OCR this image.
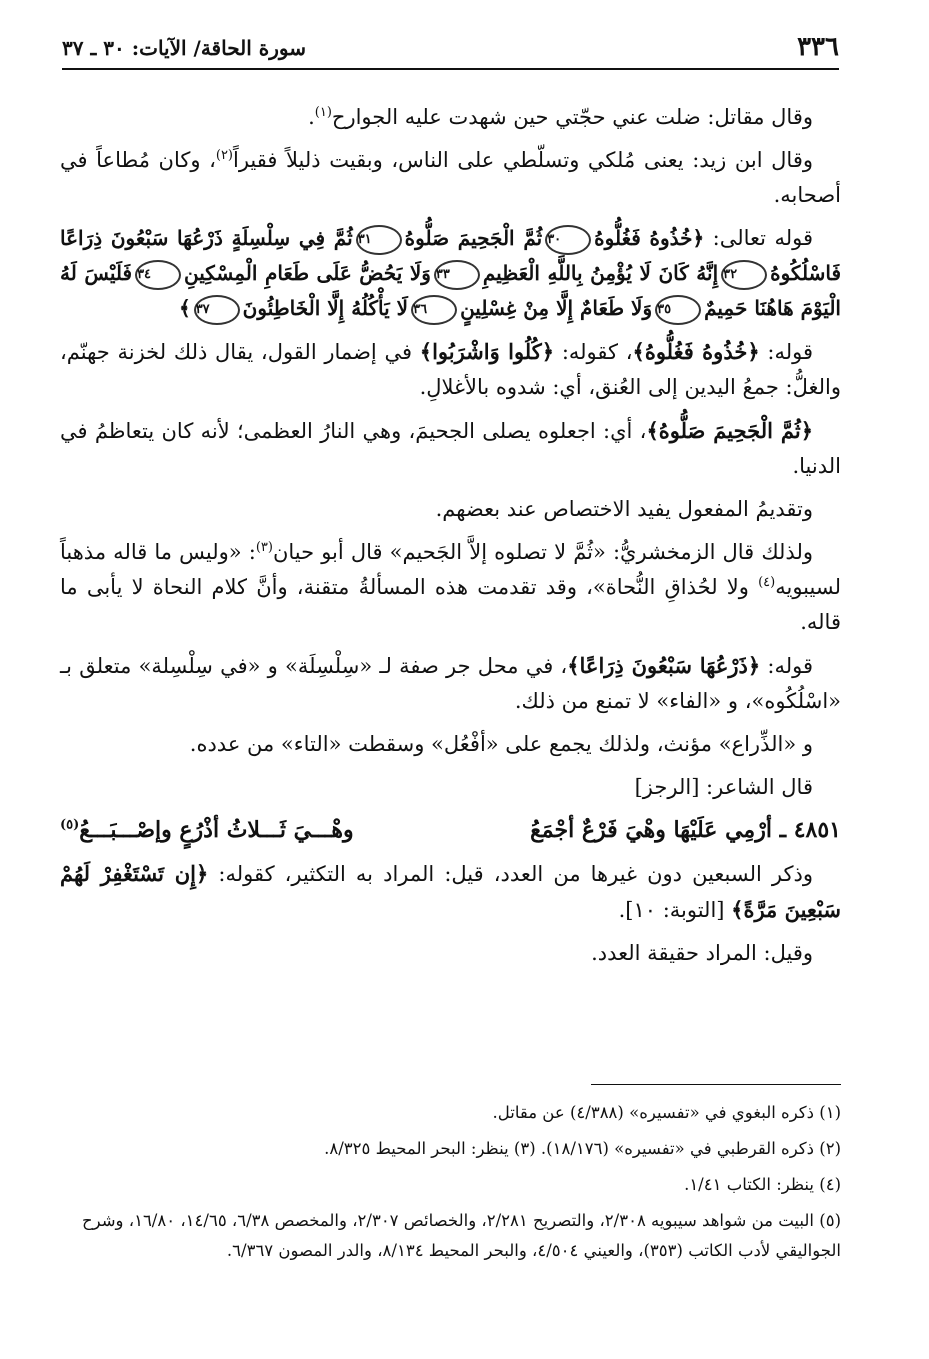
٣٣٦
سورة الحاقة/ الآيات: ٣٠ ـ ٣٧

وقال مقاتل: ضلت عني حجّتي حين شهدت عليه الجوارح$^{(١)}$.

وقال ابن زيد: يعنى مُلكي وتسلّطي على الناس، وبقيت ذليلاً فقيراً$^{(٢)}$، وكان مُطاعاً في أصحابه.

قوله تعالى: ﴿خُذُوهُ فَغُلُّوهُ٣٠ثُمَّ الْجَحِيمَ صَلُّوهُ٣١ثُمَّ فِي سِلْسِلَةٍ ذَرْعُهَا سَبْعُونَ ذِرَاعًا فَاسْلُكُوهُ٣٢إِنَّهُ كَانَ لَا يُؤْمِنُ بِاللَّهِ الْعَظِيمِ٣٣وَلَا يَحُضُّ عَلَى طَعَامِ الْمِسْكِينِ٣٤فَلَيْسَ لَهُ الْيَوْمَ هَاهُنَا حَمِيمٌ٣٥وَلَا طَعَامٌ إِلَّا مِنْ غِسْلِينٍ٣٦لَا يَأْكُلُهُ إِلَّا الْخَاطِئُونَ٣٧﴾

قوله: ﴿خُذُوهُ فَغُلُّوهُ﴾، كقوله: ﴿كُلُوا وَاشْرَبُوا﴾ في إضمار القول، يقال ذلك لخزنة جهنّم، والغلُّ: جمعُ اليدين إلى العُنق، أي: شدوه بالأغلالِ.

﴿ثُمَّ الْجَحِيمَ صَلُّوهُ﴾، أي: اجعلوه يصلى الجحيمَ، وهي النارُ العظمى؛ لأنه كان يتعاظمُ في الدنيا.

وتقديمُ المفعول يفيد الاختصاص عند بعضهم.

ولذلك قال الزمخشريُّ: «ثُمَّ لا تصلوه إلاَّ الجَحيم» قال أبو حيان$^{(٣)}$: «وليس ما قاله مذهباً لسيبويه$^{(٤)}$ ولا لحُذاقِ النُّحاة»، وقد تقدمت هذه المسألةُ متقنة، وأنَّ كلام النحاة لا يأبى ما قاله.

قوله: ﴿ذَرْعُهَا سَبْعُونَ ذِرَاعًا﴾، في محل جر صفة لـ «سِلْسِلَة» و «في سِلْسِلة» متعلق بـ «اسْلُكُوه»، و «الفاء» لا تمنع من ذلك.

و «الذِّراع» مؤنث، ولذلك يجمع على «أفْعُل» وسقطت «التاء» من عدده.

قال الشاعر: [الرجز]

٤٨٥١ ـ أرْمِي عَلَيْهَا وهْيَ فَرْعٌ أجْمَعُ
وهْـــيَ ثَـــلاثُ أذْرُعٍ وإصْـــبَـــعُ$^{(٥)}$

وذكر السبعين دون غيرها من العدد، قيل: المراد به التكثير، كقوله: ﴿إِن تَسْتَغْفِرْ لَهُمْ سَبْعِينَ مَرَّةً﴾ [التوبة: ١٠].

وقيل: المراد حقيقة العدد.

(١) ذكره البغوي في «تفسيره» (٤/٣٨٨) عن مقاتل.

(٢) ذكره القرطبي في «تفسيره» (١٨/١٧٦). (٣) ينظر: البحر المحيط ٨/٣٢٥.

(٤) ينظر: الكتاب ١/٤١.

(٥) البيت من شواهد سيبويه ٢/٣٠٨، والتصريح ٢/٢٨١، والخصائص ٢/٣٠٧، والمخصص ٦/٣٨، ١٤/٦٥، ١٦/٨٠، وشرح الجواليقي لأدب الكاتب (٣٥٣)، والعيني ٤/٥٠٤، والبحر المحيط ٨/١٣٤، والدر المصون ٦/٣٦٧.
